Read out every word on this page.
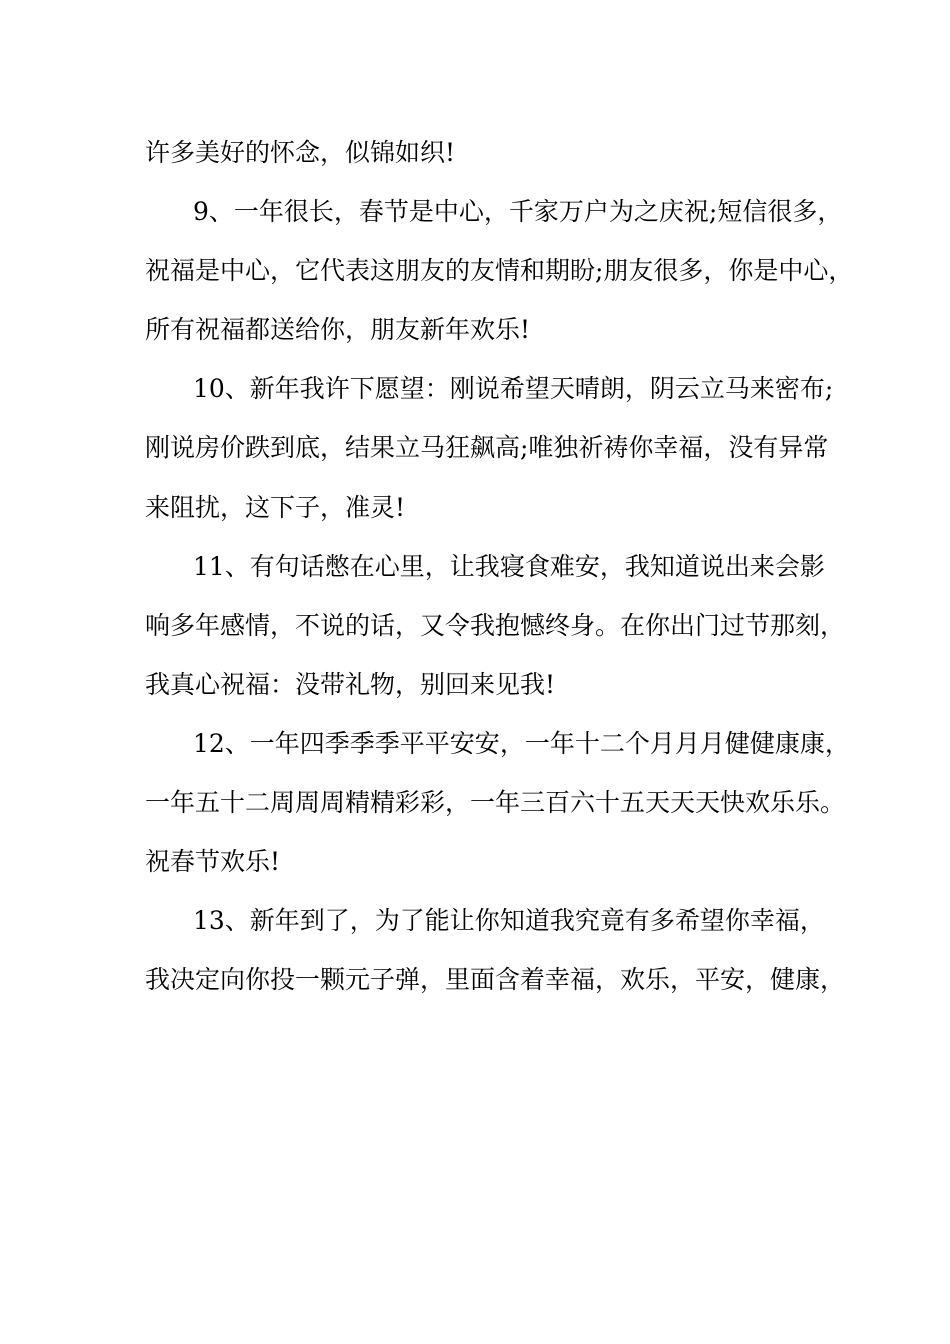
许多美好的怀念，似锦如织!
9、一年很长，春节是中心，千家万户为之庆祝;短信很多，
祝福是中心，它代表这朋友的友情和期盼;朋友很多，你是中心，
所有祝福都送给你，朋友新年欢乐!
10、新年我许下愿望：刚说希望天晴朗，阴云立马来密布;
刚说房价跌到底，结果立马狂飙高;唯独祈祷你幸福，没有异常
来阻扰，这下子，准灵!
11、有句话憋在心里，让我寝食难安，我知道说出来会影
响多年感情，不说的话，又令我抱憾终身。在你出门过节那刻，
我真心祝福：没带礼物，别回来见我!
12、一年四季季季平平安安，一年十二个月月月健健康康，
一年五十二周周周精精彩彩，一年三百六十五天天天快欢乐乐。
祝春节欢乐!
13、新年到了，为了能让你知道我究竟有多希望你幸福，
我决定向你投一颗元子弹，里面含着幸福，欢乐，平安，健康，
